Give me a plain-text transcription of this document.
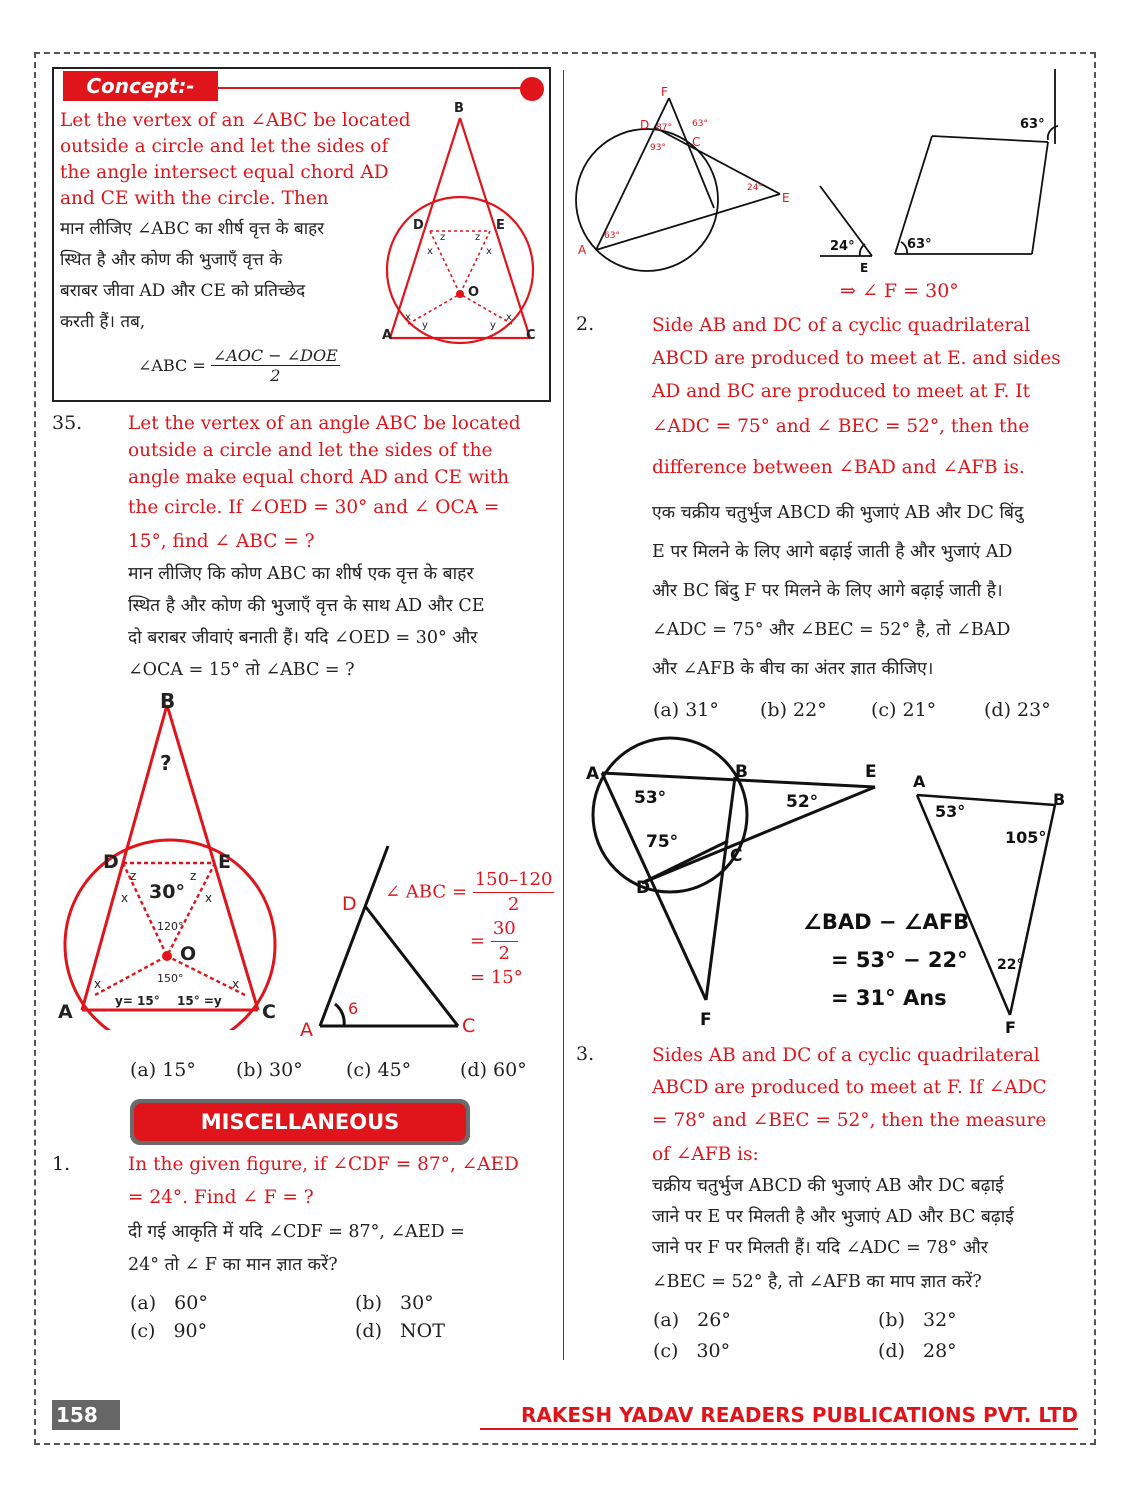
Concept:-
Let the vertex of an ∠ABC be located
outside a circle and let the sides of
the angle intersect equal chord AD
and CE with the circle. Then
मान लीजिए ∠ABC का शीर्ष वृत्त के बाहर
स्थित है और कोण की भुजाएँ वृत्त के
बराबर जीवा AD और CE को प्रतिच्छेद
करती हैं। तब,
∠ABC = $\frac{\text{∠AOC − ∠DOE}}{2}$
B
D	E
O
A	C
z	z
x	x
x	x
y	y
35. Let the vertex of an angle ABC be located
outside a circle and let the sides of the
angle make equal chord AD and CE with
the circle. If ∠OED = 30° and ∠ OCA =
15°, find ∠ ABC = ?
मान लीजिए कि कोण ABC का शीर्ष एक वृत्त के बाहर
स्थित है और कोण की भुजाएँ वृत्त के साथ AD और CE
दो बराबर जीवाएं बनाती हैं। यदि ∠OED = 30° और
∠OCA = 15° तो ∠ABC = ?
B
?
D	E
O
A	C
30°
120°
150°
y= 15° 15° =y
x	x
x	x
z	z
D
A	C
6
∠ ABC = $\frac{150-120}{2}$
= $\frac{30}{2}$
= 15°
(a) 15° (b) 30° (c) 45°	(d) 60°
MISCELLANEOUS
1.	In the given figure, if ∠CDF = 87°, ∠AED
= 24°. Find ∠ F = ?
दी गई आकृति में यदि ∠CDF = 87°, ∠AED =
24° तो ∠ F का मान ज्ञात करें?
(a) 60°	(b) 30°
(c) 90°	(d) NOT
F
D
C
E
A
87° 63°
93°
24°
63°
63°
24°
E
63°
⇒ ∠ F = 30°
2.	Side AB and DC of a cyclic quadrilateral
ABCD are produced to meet at E. and sides
AD and BC are produced to meet at F. It
∠ADC = 75° and ∠ BEC = 52°, then the
difference between ∠BAD and ∠AFB is.
एक चक्रीय चतुर्भुज ABCD की भुजाएं AB और DC बिंदु
E पर मिलने के लिए आगे बढ़ाई जाती है और भुजाएं AD
और BC बिंदु F पर मिलने के लिए आगे बढ़ाई जाती है।
∠ADC = 75° और ∠BEC = 52° है, तो ∠BAD
और ∠AFB के बीच का अंतर ज्ञात कीजिए।
(a) 31° (b) 22° (c) 21°	(d) 23°
A	B
C
D
E
F
53°
75°
52°
A
B
F
53°
105°
22°
∠BAD − ∠AFB
= 53° − 22°
= 31° Ans
3.	Sides AB and DC of a cyclic quadrilateral
ABCD are produced to meet at F. If ∠ADC
= 78° and ∠BEC = 52°, then the measure
of ∠AFB is:
चक्रीय चतुर्भुज ABCD की भुजाएं AB और DC बढ़ाई
जाने पर E पर मिलती है और भुजाएं AD और BC बढ़ाई
जाने पर F पर मिलती हैं। यदि ∠ADC = 78° और
∠BEC = 52° है, तो ∠AFB का माप ज्ञात करें?
(a) 26°	(b) 32°
(c) 30°	(d) 28°
158	RAKESH YADAV READERS PUBLICATIONS PVT. LTD
